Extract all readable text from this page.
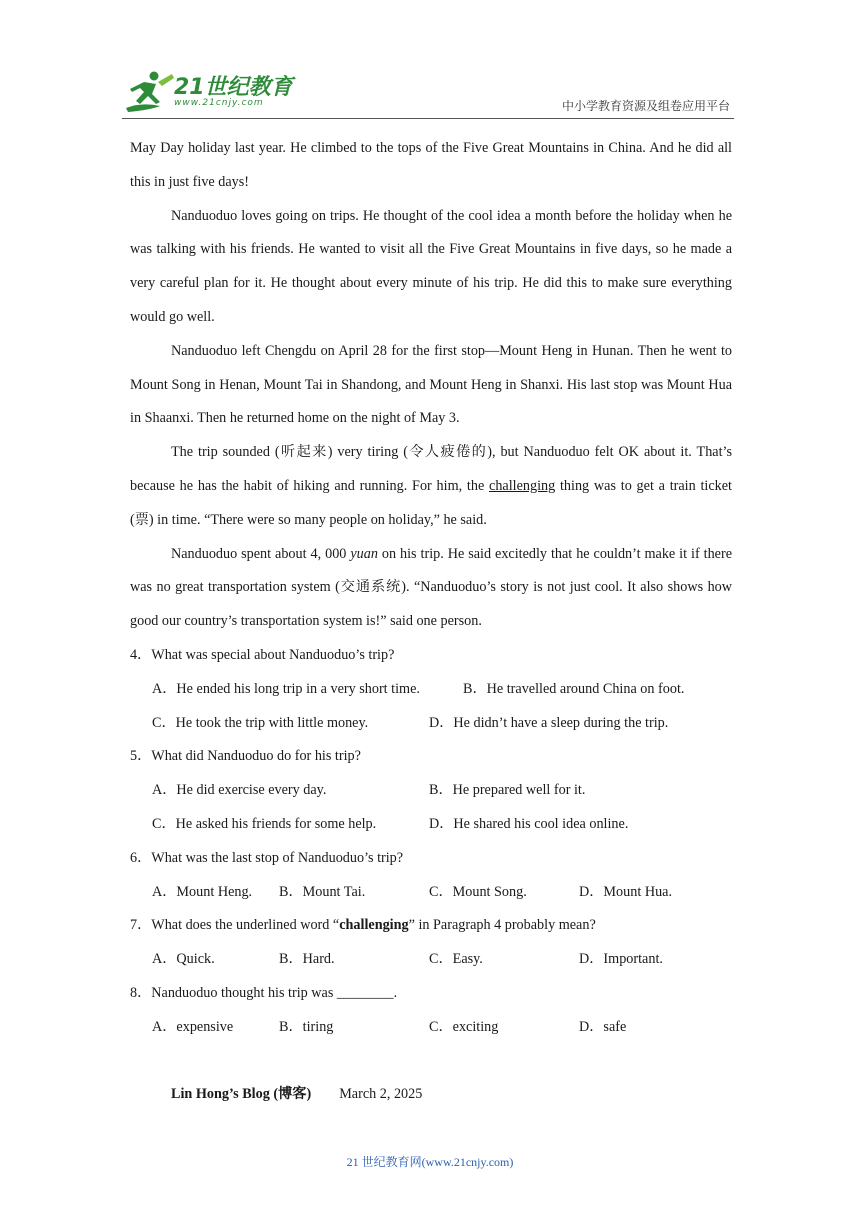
21世纪教育
www.21cnjy.com	中小学教育资源及组卷应用平台

May Day holiday last year. He climbed to the tops of the Five Great Mountains in China. And he did all this in just five days!

Nanduoduo loves going on trips. He thought of the cool idea a month before the holiday when he was talking with his friends. He wanted to visit all the Five Great Mountains in five days, so he made a very careful plan for it. He thought about every minute of his trip. He did this to make sure everything would go well.

Nanduoduo left Chengdu on April 28 for the first stop—Mount Heng in Hunan. Then he went to Mount Song in Henan, Mount Tai in Shandong, and Mount Heng in Shanxi. His last stop was Mount Hua in Shaanxi. Then he returned home on the night of May 3.

The trip sounded (听起来) very tiring (令人疲倦的), but Nanduoduo felt OK about it. That’s because he has the habit of hiking and running. For him, the challenging thing was to get a train ticket (票) in time. “There were so many people on holiday,” he said.

Nanduoduo spent about 4, 000 yuan on his trip. He said excitedly that he couldn’t make it if there was no great transportation system (交通系统). “Nanduoduo’s story is not just cool. It also shows how good our country’s transportation system is!” said one person.

4．What was special about Nanduoduo’s trip?

A．He ended his long trip in a very short time.	B．He travelled around China on foot.
C．He took the trip with little money.	D．He didn’t have a sleep during the trip.

5．What did Nanduoduo do for his trip?

A．He did exercise every day.	B．He prepared well for it.
C．He asked his friends for some help.	D．He shared his cool idea online.

6．What was the last stop of Nanduoduo’s trip?

A．Mount Heng. B．Mount Tai.	C．Mount Song.	D．Mount Hua.

7．What does the underlined word “challenging” in Paragraph 4 probably mean?

A．Quick.	B．Hard.	C．Easy.	D．Important.

8．Nanduoduo thought his trip was ________.

A．expensive	B．tiring	C．exciting	D．safe

Lin Hong’s Blog (博客) March 2, 2025

21 世纪教育网(www.21cnjy.com)
